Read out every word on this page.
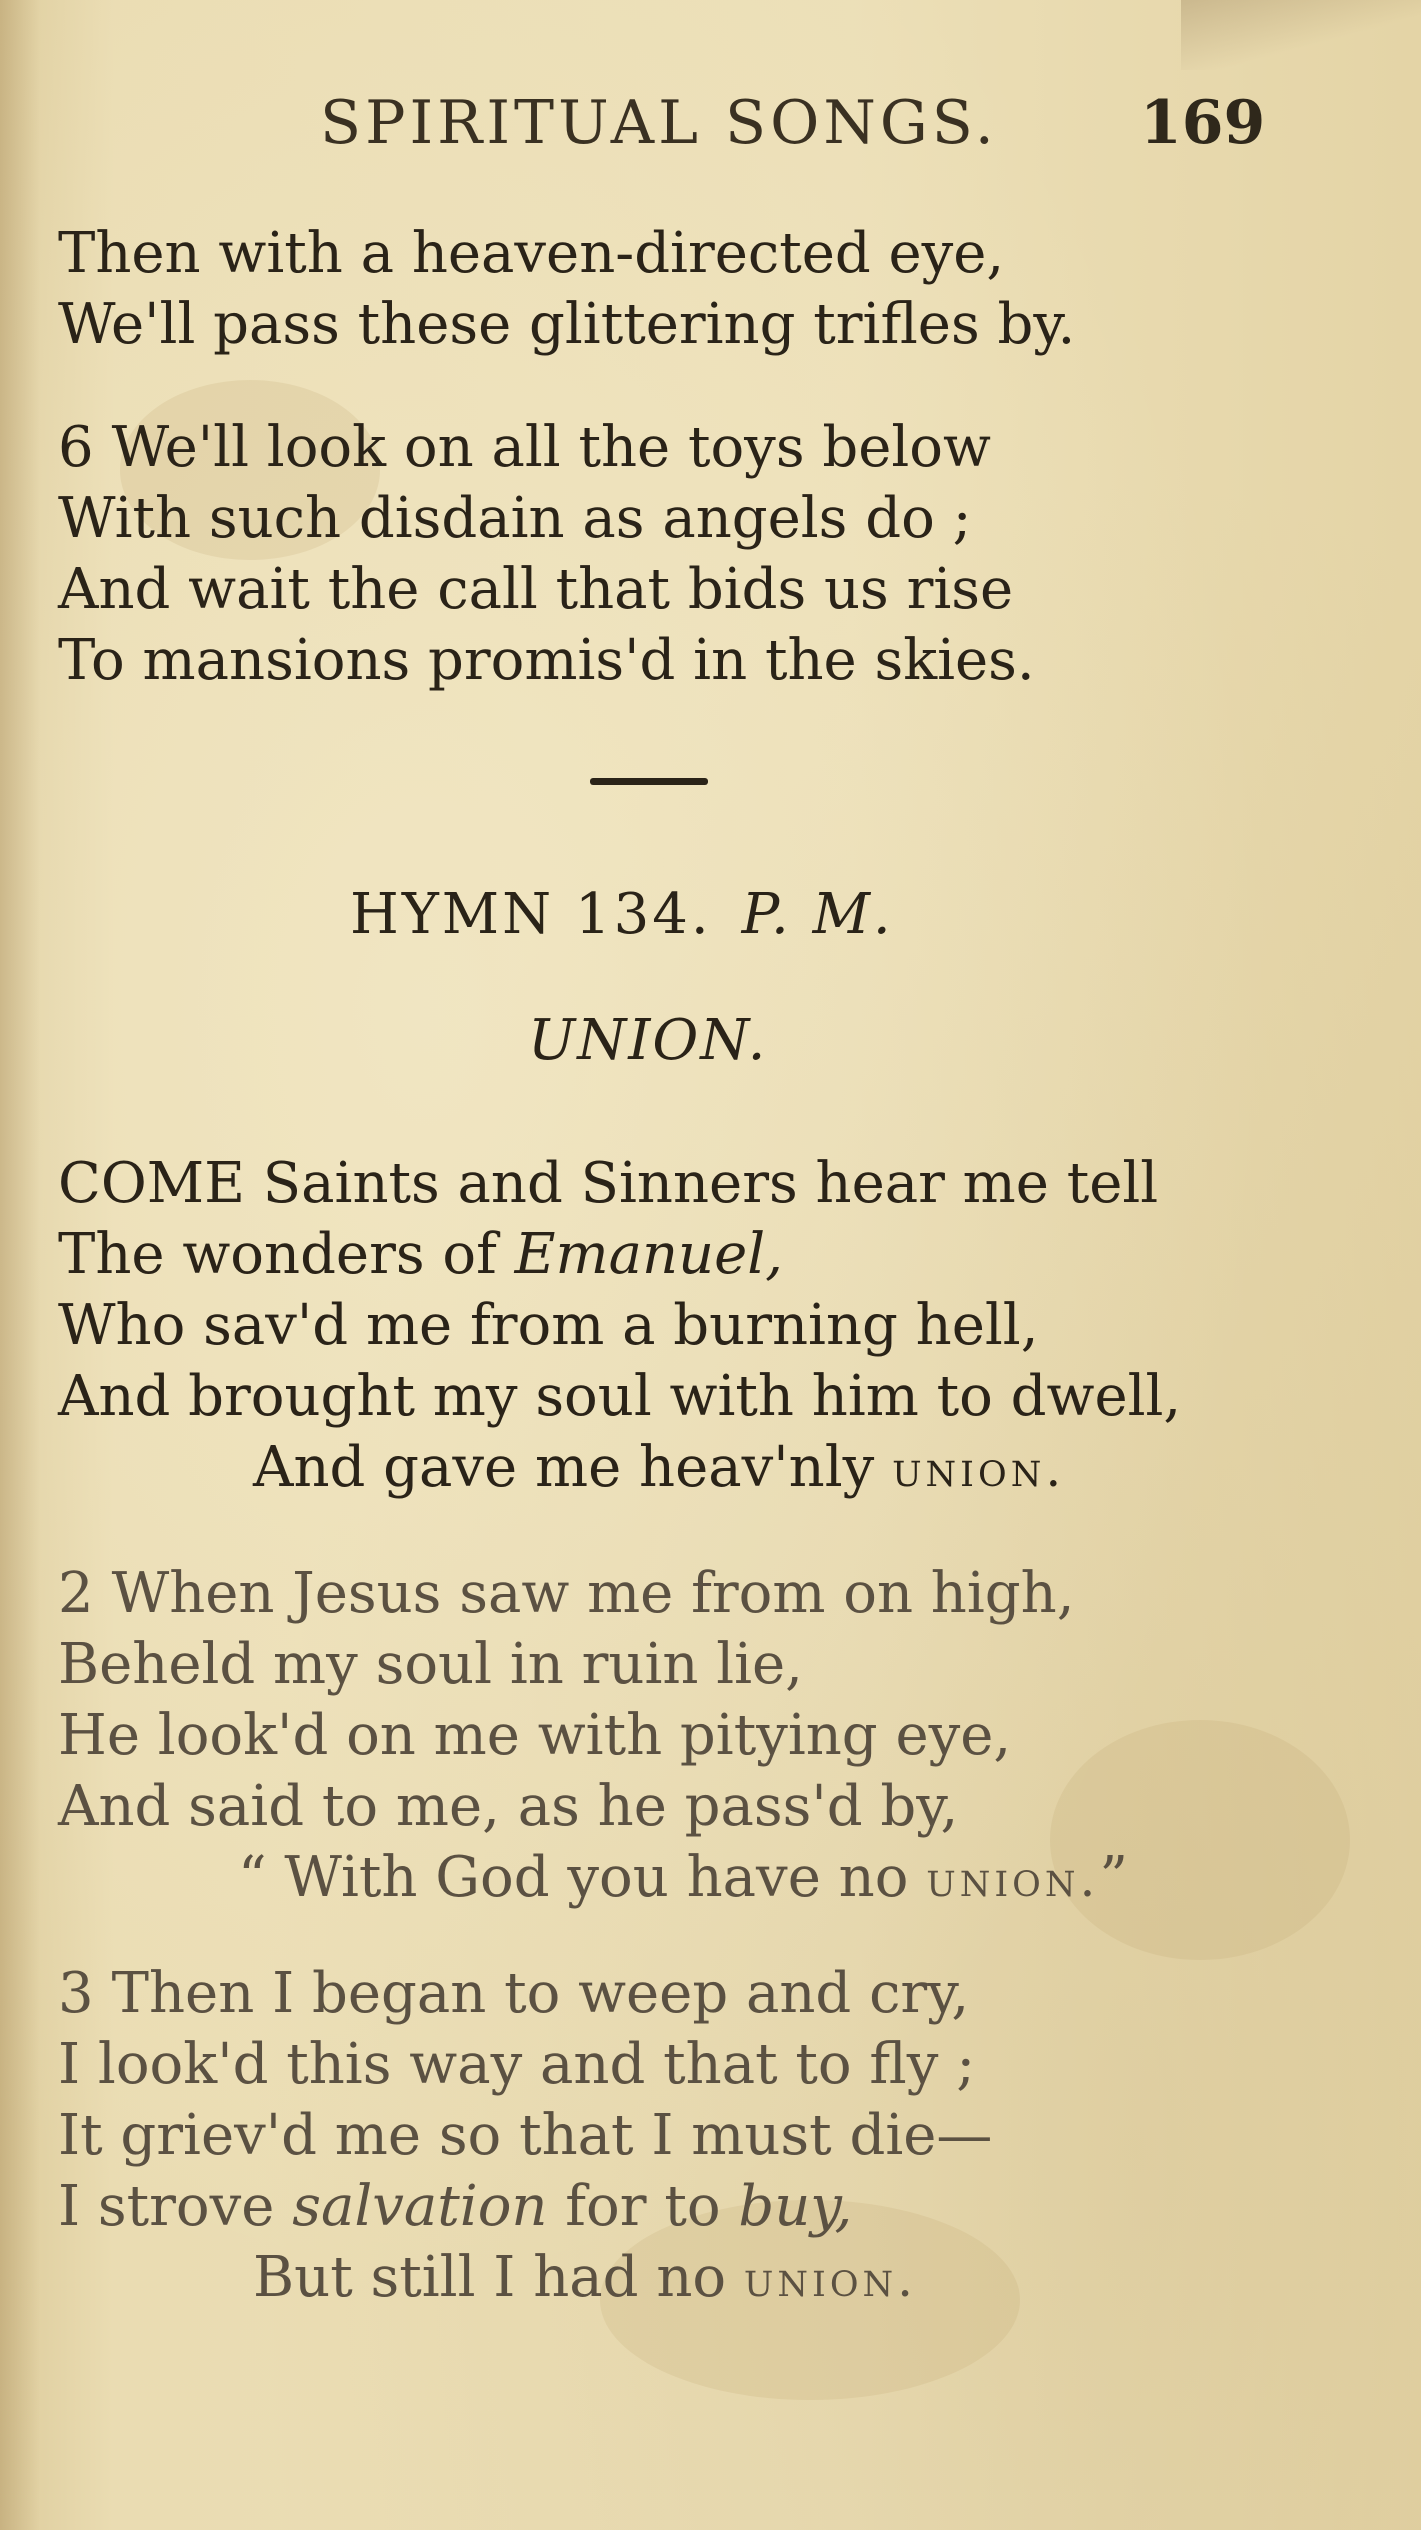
SPIRITUAL SONGS. 169
Then with a heaven-directed eye,
We'll pass these glittering trifles by.
6 We'll look on all the toys below
With such disdain as angels do ;
And wait the call that bids us rise
To mansions promis'd in the skies.
HYMN 134. P. M.
UNION.
COME Saints and Sinners hear me tell
The wonders of Emanuel,
Who sav'd me from a burning hell,
And brought my soul with him to dwell,
And gave me heav'nly union.
2 When Jesus saw me from on high,
Beheld my soul in ruin lie,
He look'd on me with pitying eye,
And said to me, as he pass'd by,
“ With God you have no union.”
3 Then I began to weep and cry,
I look'd this way and that to fly ;
It griev'd me so that I must die—
I strove salvation for to buy,
But still I had no union.
